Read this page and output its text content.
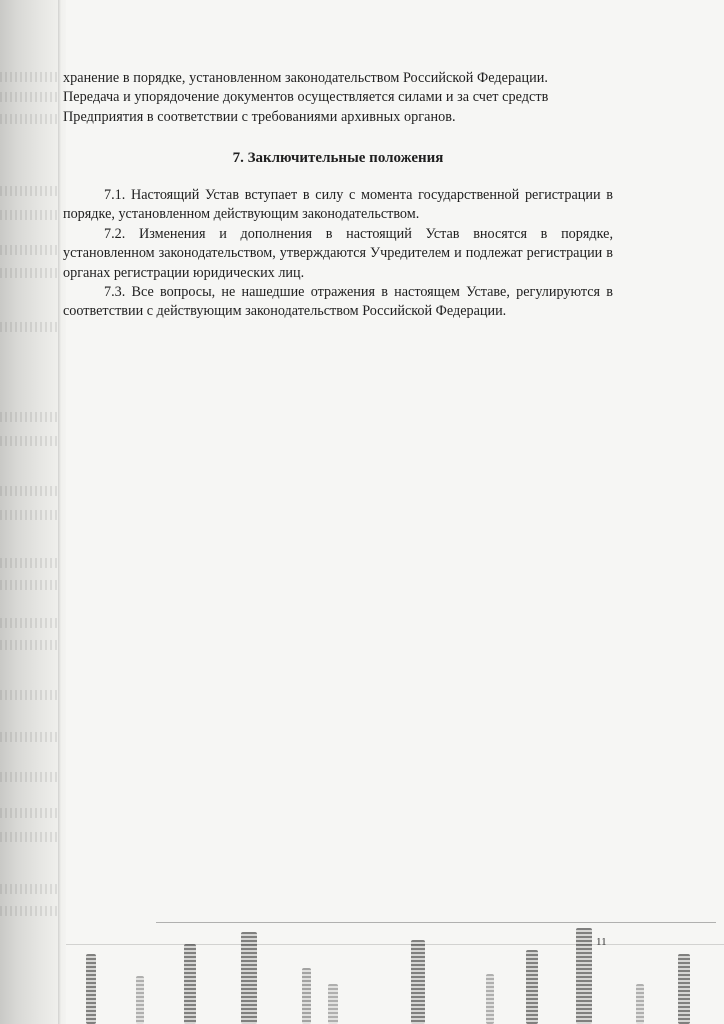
хранение в порядке, установленном законодательством Российской Федерации.

Передача и упорядочение документов осуществляется силами и за счет средств

Предприятия в соответствии с требованиями архивных органов.

7. Заключительные положения

7.1. Настоящий Устав вступает в силу с момента государственной регистрации в порядке, установленном действующим законодательством.

7.2. Изменения и дополнения в настоящий Устав вносятся в порядке, установленном законодательством, утверждаются Учредителем и подлежат регистрации в органах регистрации юридических лиц.

7.3. Все вопросы, не нашедшие отражения в настоящем Уставе, регулируются в соответствии с действующим законодательством Российской Федерации.

11
